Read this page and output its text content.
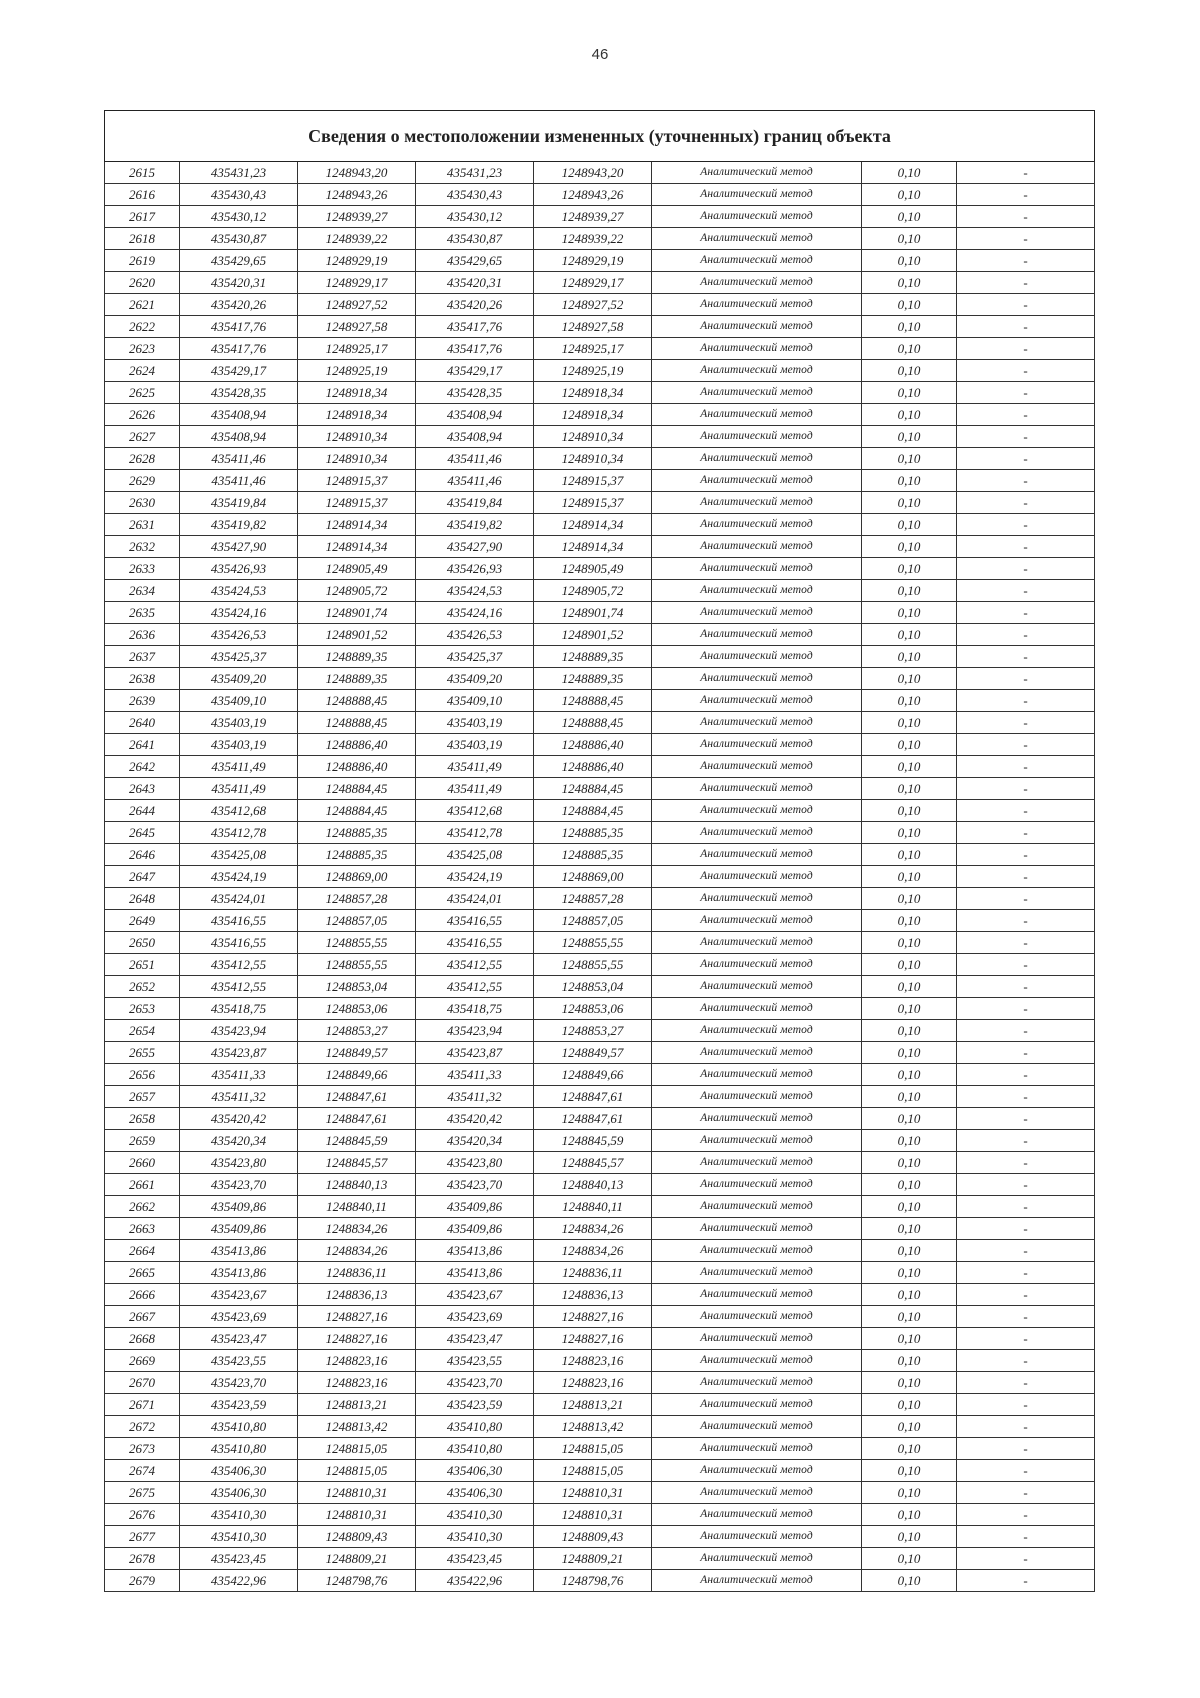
46
Сведения о местоположении измененных (уточненных) границ объекта							
2615	435431,23	1248943,20	435431,23	1248943,20	Аналитический метод	0,10	-
2616	435430,43	1248943,26	435430,43	1248943,26	Аналитический метод	0,10	-
2617	435430,12	1248939,27	435430,12	1248939,27	Аналитический метод	0,10	-
2618	435430,87	1248939,22	435430,87	1248939,22	Аналитический метод	0,10	-
2619	435429,65	1248929,19	435429,65	1248929,19	Аналитический метод	0,10	-
2620	435420,31	1248929,17	435420,31	1248929,17	Аналитический метод	0,10	-
2621	435420,26	1248927,52	435420,26	1248927,52	Аналитический метод	0,10	-
2622	435417,76	1248927,58	435417,76	1248927,58	Аналитический метод	0,10	-
2623	435417,76	1248925,17	435417,76	1248925,17	Аналитический метод	0,10	-
2624	435429,17	1248925,19	435429,17	1248925,19	Аналитический метод	0,10	-
2625	435428,35	1248918,34	435428,35	1248918,34	Аналитический метод	0,10	-
2626	435408,94	1248918,34	435408,94	1248918,34	Аналитический метод	0,10	-
2627	435408,94	1248910,34	435408,94	1248910,34	Аналитический метод	0,10	-
2628	435411,46	1248910,34	435411,46	1248910,34	Аналитический метод	0,10	-
2629	435411,46	1248915,37	435411,46	1248915,37	Аналитический метод	0,10	-
2630	435419,84	1248915,37	435419,84	1248915,37	Аналитический метод	0,10	-
2631	435419,82	1248914,34	435419,82	1248914,34	Аналитический метод	0,10	-
2632	435427,90	1248914,34	435427,90	1248914,34	Аналитический метод	0,10	-
2633	435426,93	1248905,49	435426,93	1248905,49	Аналитический метод	0,10	-
2634	435424,53	1248905,72	435424,53	1248905,72	Аналитический метод	0,10	-
2635	435424,16	1248901,74	435424,16	1248901,74	Аналитический метод	0,10	-
2636	435426,53	1248901,52	435426,53	1248901,52	Аналитический метод	0,10	-
2637	435425,37	1248889,35	435425,37	1248889,35	Аналитический метод	0,10	-
2638	435409,20	1248889,35	435409,20	1248889,35	Аналитический метод	0,10	-
2639	435409,10	1248888,45	435409,10	1248888,45	Аналитический метод	0,10	-
2640	435403,19	1248888,45	435403,19	1248888,45	Аналитический метод	0,10	-
2641	435403,19	1248886,40	435403,19	1248886,40	Аналитический метод	0,10	-
2642	435411,49	1248886,40	435411,49	1248886,40	Аналитический метод	0,10	-
2643	435411,49	1248884,45	435411,49	1248884,45	Аналитический метод	0,10	-
2644	435412,68	1248884,45	435412,68	1248884,45	Аналитический метод	0,10	-
2645	435412,78	1248885,35	435412,78	1248885,35	Аналитический метод	0,10	-
2646	435425,08	1248885,35	435425,08	1248885,35	Аналитический метод	0,10	-
2647	435424,19	1248869,00	435424,19	1248869,00	Аналитический метод	0,10	-
2648	435424,01	1248857,28	435424,01	1248857,28	Аналитический метод	0,10	-
2649	435416,55	1248857,05	435416,55	1248857,05	Аналитический метод	0,10	-
2650	435416,55	1248855,55	435416,55	1248855,55	Аналитический метод	0,10	-
2651	435412,55	1248855,55	435412,55	1248855,55	Аналитический метод	0,10	-
2652	435412,55	1248853,04	435412,55	1248853,04	Аналитический метод	0,10	-
2653	435418,75	1248853,06	435418,75	1248853,06	Аналитический метод	0,10	-
2654	435423,94	1248853,27	435423,94	1248853,27	Аналитический метод	0,10	-
2655	435423,87	1248849,57	435423,87	1248849,57	Аналитический метод	0,10	-
2656	435411,33	1248849,66	435411,33	1248849,66	Аналитический метод	0,10	-
2657	435411,32	1248847,61	435411,32	1248847,61	Аналитический метод	0,10	-
2658	435420,42	1248847,61	435420,42	1248847,61	Аналитический метод	0,10	-
2659	435420,34	1248845,59	435420,34	1248845,59	Аналитический метод	0,10	-
2660	435423,80	1248845,57	435423,80	1248845,57	Аналитический метод	0,10	-
2661	435423,70	1248840,13	435423,70	1248840,13	Аналитический метод	0,10	-
2662	435409,86	1248840,11	435409,86	1248840,11	Аналитический метод	0,10	-
2663	435409,86	1248834,26	435409,86	1248834,26	Аналитический метод	0,10	-
2664	435413,86	1248834,26	435413,86	1248834,26	Аналитический метод	0,10	-
2665	435413,86	1248836,11	435413,86	1248836,11	Аналитический метод	0,10	-
2666	435423,67	1248836,13	435423,67	1248836,13	Аналитический метод	0,10	-
2667	435423,69	1248827,16	435423,69	1248827,16	Аналитический метод	0,10	-
2668	435423,47	1248827,16	435423,47	1248827,16	Аналитический метод	0,10	-
2669	435423,55	1248823,16	435423,55	1248823,16	Аналитический метод	0,10	-
2670	435423,70	1248823,16	435423,70	1248823,16	Аналитический метод	0,10	-
2671	435423,59	1248813,21	435423,59	1248813,21	Аналитический метод	0,10	-
2672	435410,80	1248813,42	435410,80	1248813,42	Аналитический метод	0,10	-
2673	435410,80	1248815,05	435410,80	1248815,05	Аналитический метод	0,10	-
2674	435406,30	1248815,05	435406,30	1248815,05	Аналитический метод	0,10	-
2675	435406,30	1248810,31	435406,30	1248810,31	Аналитический метод	0,10	-
2676	435410,30	1248810,31	435410,30	1248810,31	Аналитический метод	0,10	-
2677	435410,30	1248809,43	435410,30	1248809,43	Аналитический метод	0,10	-
2678	435423,45	1248809,21	435423,45	1248809,21	Аналитический метод	0,10	-
2679	435422,96	1248798,76	435422,96	1248798,76	Аналитический метод	0,10	-
